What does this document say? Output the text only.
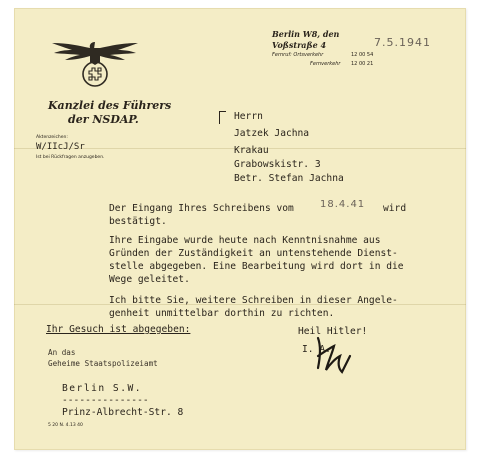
Kanzlei des Führers
der NSDAP.
Aktenzeichen:
W/IIcJ/Sr
Ist bei Rückfragen anzugeben.
Berlin W8, den
Voßstraße 4
Fernruf: Ortsverkehr	12 00 54
Fernverkehr 12 00 21
7.5.1941
Herrn
Jatzek Jachna
Krakau
Grabowskistr. 3
Betr. Stefan Jachna
Der Eingang Ihres Schreibens vom	18.4.41 wird
bestätigt.
Ihre Eingabe wurde heute nach Kenntnisnahme aus
Gründen der Zuständigkeit an untenstehende Dienst-
stelle abgegeben. Eine Bearbeitung wird dort in die
Wege geleitet.
Ich bitte Sie, weitere Schreiben in dieser Angele-
genheit unmittelbar dorthin zu richten.
Ihr Gesuch ist abgegeben:	Heil Hitler!
I. A.
An das
Geheime Staatspolizeiamt
Berlin S.W.
---------------
Prinz-Albrecht-Str. 8
5 20 N. 4.13 40
